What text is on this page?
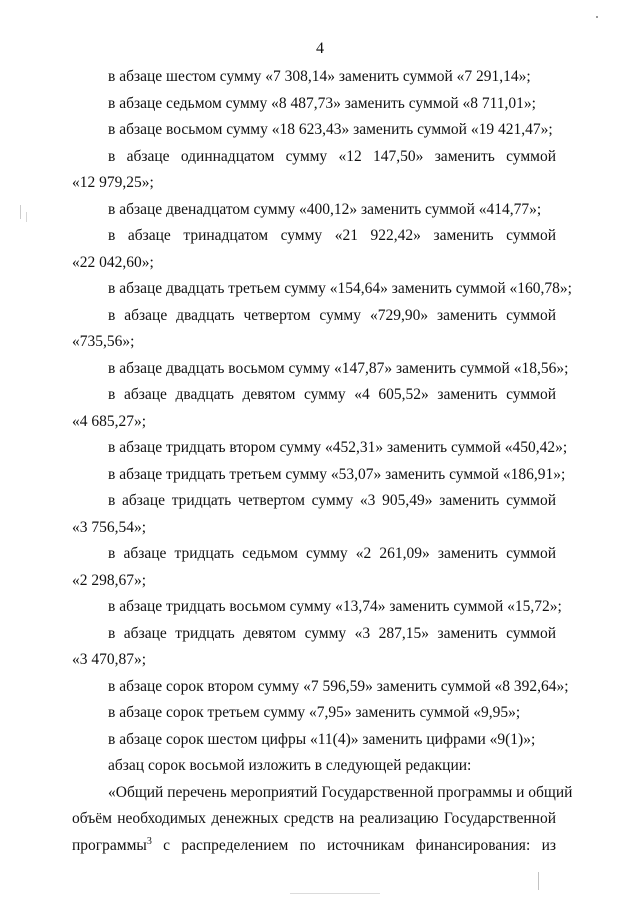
4
в абзаце шестом сумму «7 308,14» заменить суммой «7 291,14»;
в абзаце седьмом сумму «8 487,73» заменить суммой «8 711,01»;
в абзаце восьмом сумму «18 623,43» заменить суммой «19 421,47»;
в абзаце одиннадцатом сумму «12 147,50» заменить суммой
«12 979,25»;
в абзаце двенадцатом сумму «400,12» заменить суммой «414,77»;
в абзаце тринадцатом сумму «21 922,42» заменить суммой
«22 042,60»;
в абзаце двадцать третьем сумму «154,64» заменить суммой «160,78»;
в абзаце двадцать четвертом сумму «729,90» заменить суммой
«735,56»;
в абзаце двадцать восьмом сумму «147,87» заменить суммой «18,56»;
в абзаце двадцать девятом сумму «4 605,52» заменить суммой
«4 685,27»;
в абзаце тридцать втором сумму «452,31» заменить суммой «450,42»;
в абзаце тридцать третьем сумму «53,07» заменить суммой «186,91»;
в абзаце тридцать четвертом сумму «3 905,49» заменить суммой
«3 756,54»;
в абзаце тридцать седьмом сумму «2 261,09» заменить суммой
«2 298,67»;
в абзаце тридцать восьмом сумму «13,74» заменить суммой «15,72»;
в абзаце тридцать девятом сумму «3 287,15» заменить суммой
«3 470,87»;
в абзаце сорок втором сумму «7 596,59» заменить суммой «8 392,64»;
в абзаце сорок третьем сумму «7,95» заменить суммой «9,95»;
в абзаце сорок шестом цифры «11(4)» заменить цифрами «9(1)»;
абзац сорок восьмой изложить в следующей редакции:
«Общий перечень мероприятий Государственной программы и общий
объём необходимых денежных средств на реализацию Государственной
программы$^3$ с распределением по источникам финансирования: из
